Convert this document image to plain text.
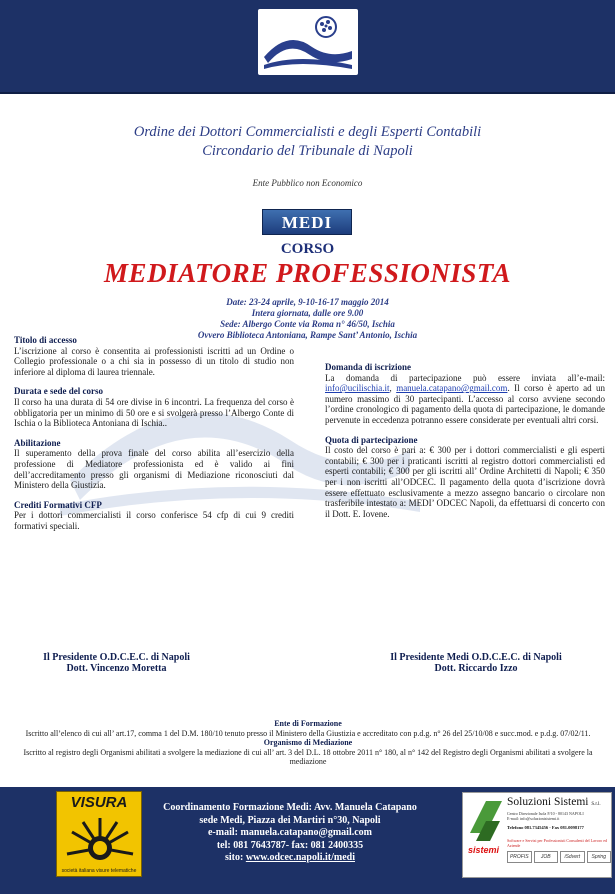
Ordine dei Dottori Commercialisti e degli Esperti Contabili
Circondario del Tribunale di Napoli
Ente Pubblico non Economico
MEDI
CORSO
MEDIATORE PROFESSIONISTA
Date: 23-24 aprile, 9-10-16-17 maggio 2014
Intera giornata, dalle ore 9.00
Sede: Albergo Conte via Roma n° 46/50, Ischia
Ovvero Biblioteca Antoniana, Rampe Sant’ Antonio, Ischia

Titolo di accesso

L’iscrizione al corso è consentita ai professionisti iscritti ad un Ordine o Collegio professionale o a chi sia in possesso di un titolo di studio non inferiore al diploma di laurea triennale.

Durata e sede del corso

Il corso ha una durata di 54 ore divise in 6 incontri. La frequenza del corso è obbligatoria per un minimo di 50 ore e si svolgerà presso l’Albergo Conte di Ischia o la Biblioteca Antoniana di Ischia..

Abilitazione

Il superamento della prova finale del corso abilita all’esercizio della professione di Mediatore professionista ed è valido ai fini dell’accreditamento presso gli organismi di Mediazione riconosciuti dal Ministero della Giustizia.

Crediti Formativi CFP

Per i dottori commercialisti il corso conferisce 54 cfp di cui 9 crediti formativi speciali.

Domanda di iscrizione

La domanda di partecipazione può essere inviata all’e-mail: info@ucilischia.it, manuela.catapano@gmail.com. Il corso è aperto ad un numero massimo di 30 partecipanti. L’accesso al corso avviene secondo l’ordine cronologico di pagamento della quota di partecipazione, le domande pervenute in eccedenza potranno essere considerate per eventuali altri corsi.

Quota di partecipazione

Il costo del corso è pari a: € 300 per i dottori commercialisti e gli esperti contabili; € 300 per i praticanti iscritti al registro dottori commercialisti ed esperti contabili; € 300 per gli iscritti all’ Ordine Architetti di Napoli; € 350 per i non iscritti all’ODCEC. Il pagamento della quota d’iscrizione dovrà essere effettuato esclusivamente a mezzo assegno bancario o circolare non trasferibile intestato a: MEDI’ ODCEC Napoli, da effettuarsi di concerto con il Dott. E. Iovene.

Il Presidente O.D.C.E.C. di Napoli
Dott. Vincenzo Moretta
Il Presidente Medi O.D.C.E.C. di Napoli
Dott. Riccardo Izzo
Ente di Formazione
Iscritto all’elenco di cui all’ art.17, comma 1 del D.M. 180/10 tenuto presso il Ministero della Giustizia e accreditato con p.d.g. n° 26 del 25/10/08 e succ.mod. e p.d.g. 07/02/11.
Organismo di Mediazione
Iscritto al registro degli Organismi abilitati a svolgere la mediazione di cui all’ art. 3 del D.L. 18 ottobre 2011 n° 180, al n° 142 del Registro degli Organismi abilitati a svolgere la mediazione
VISURA
società italiana visure telematiche
Coordinamento Formazione Medi: Avv. Manuela Catapano
sede Medi, Piazza dei Martiri n°30, Napoli
e-mail: manuela.catapano@gmail.com
tel: 081 7643787- fax: 081 2400335
sito: www.odcec.napoli.it/medi
Soluzioni Sistemi S.r.l.
Centro Direzionale Isola F/10 - 80143 NAPOLI
E-mail: info@soluzionisistemi.it
Telefono 081.7345456 - Fax 081.0098177
Software e Servizi per Professionisti Consulenti del Lavoro ed Aziende
sistemi
PROFIS	JOB	iSdvert	Spring
